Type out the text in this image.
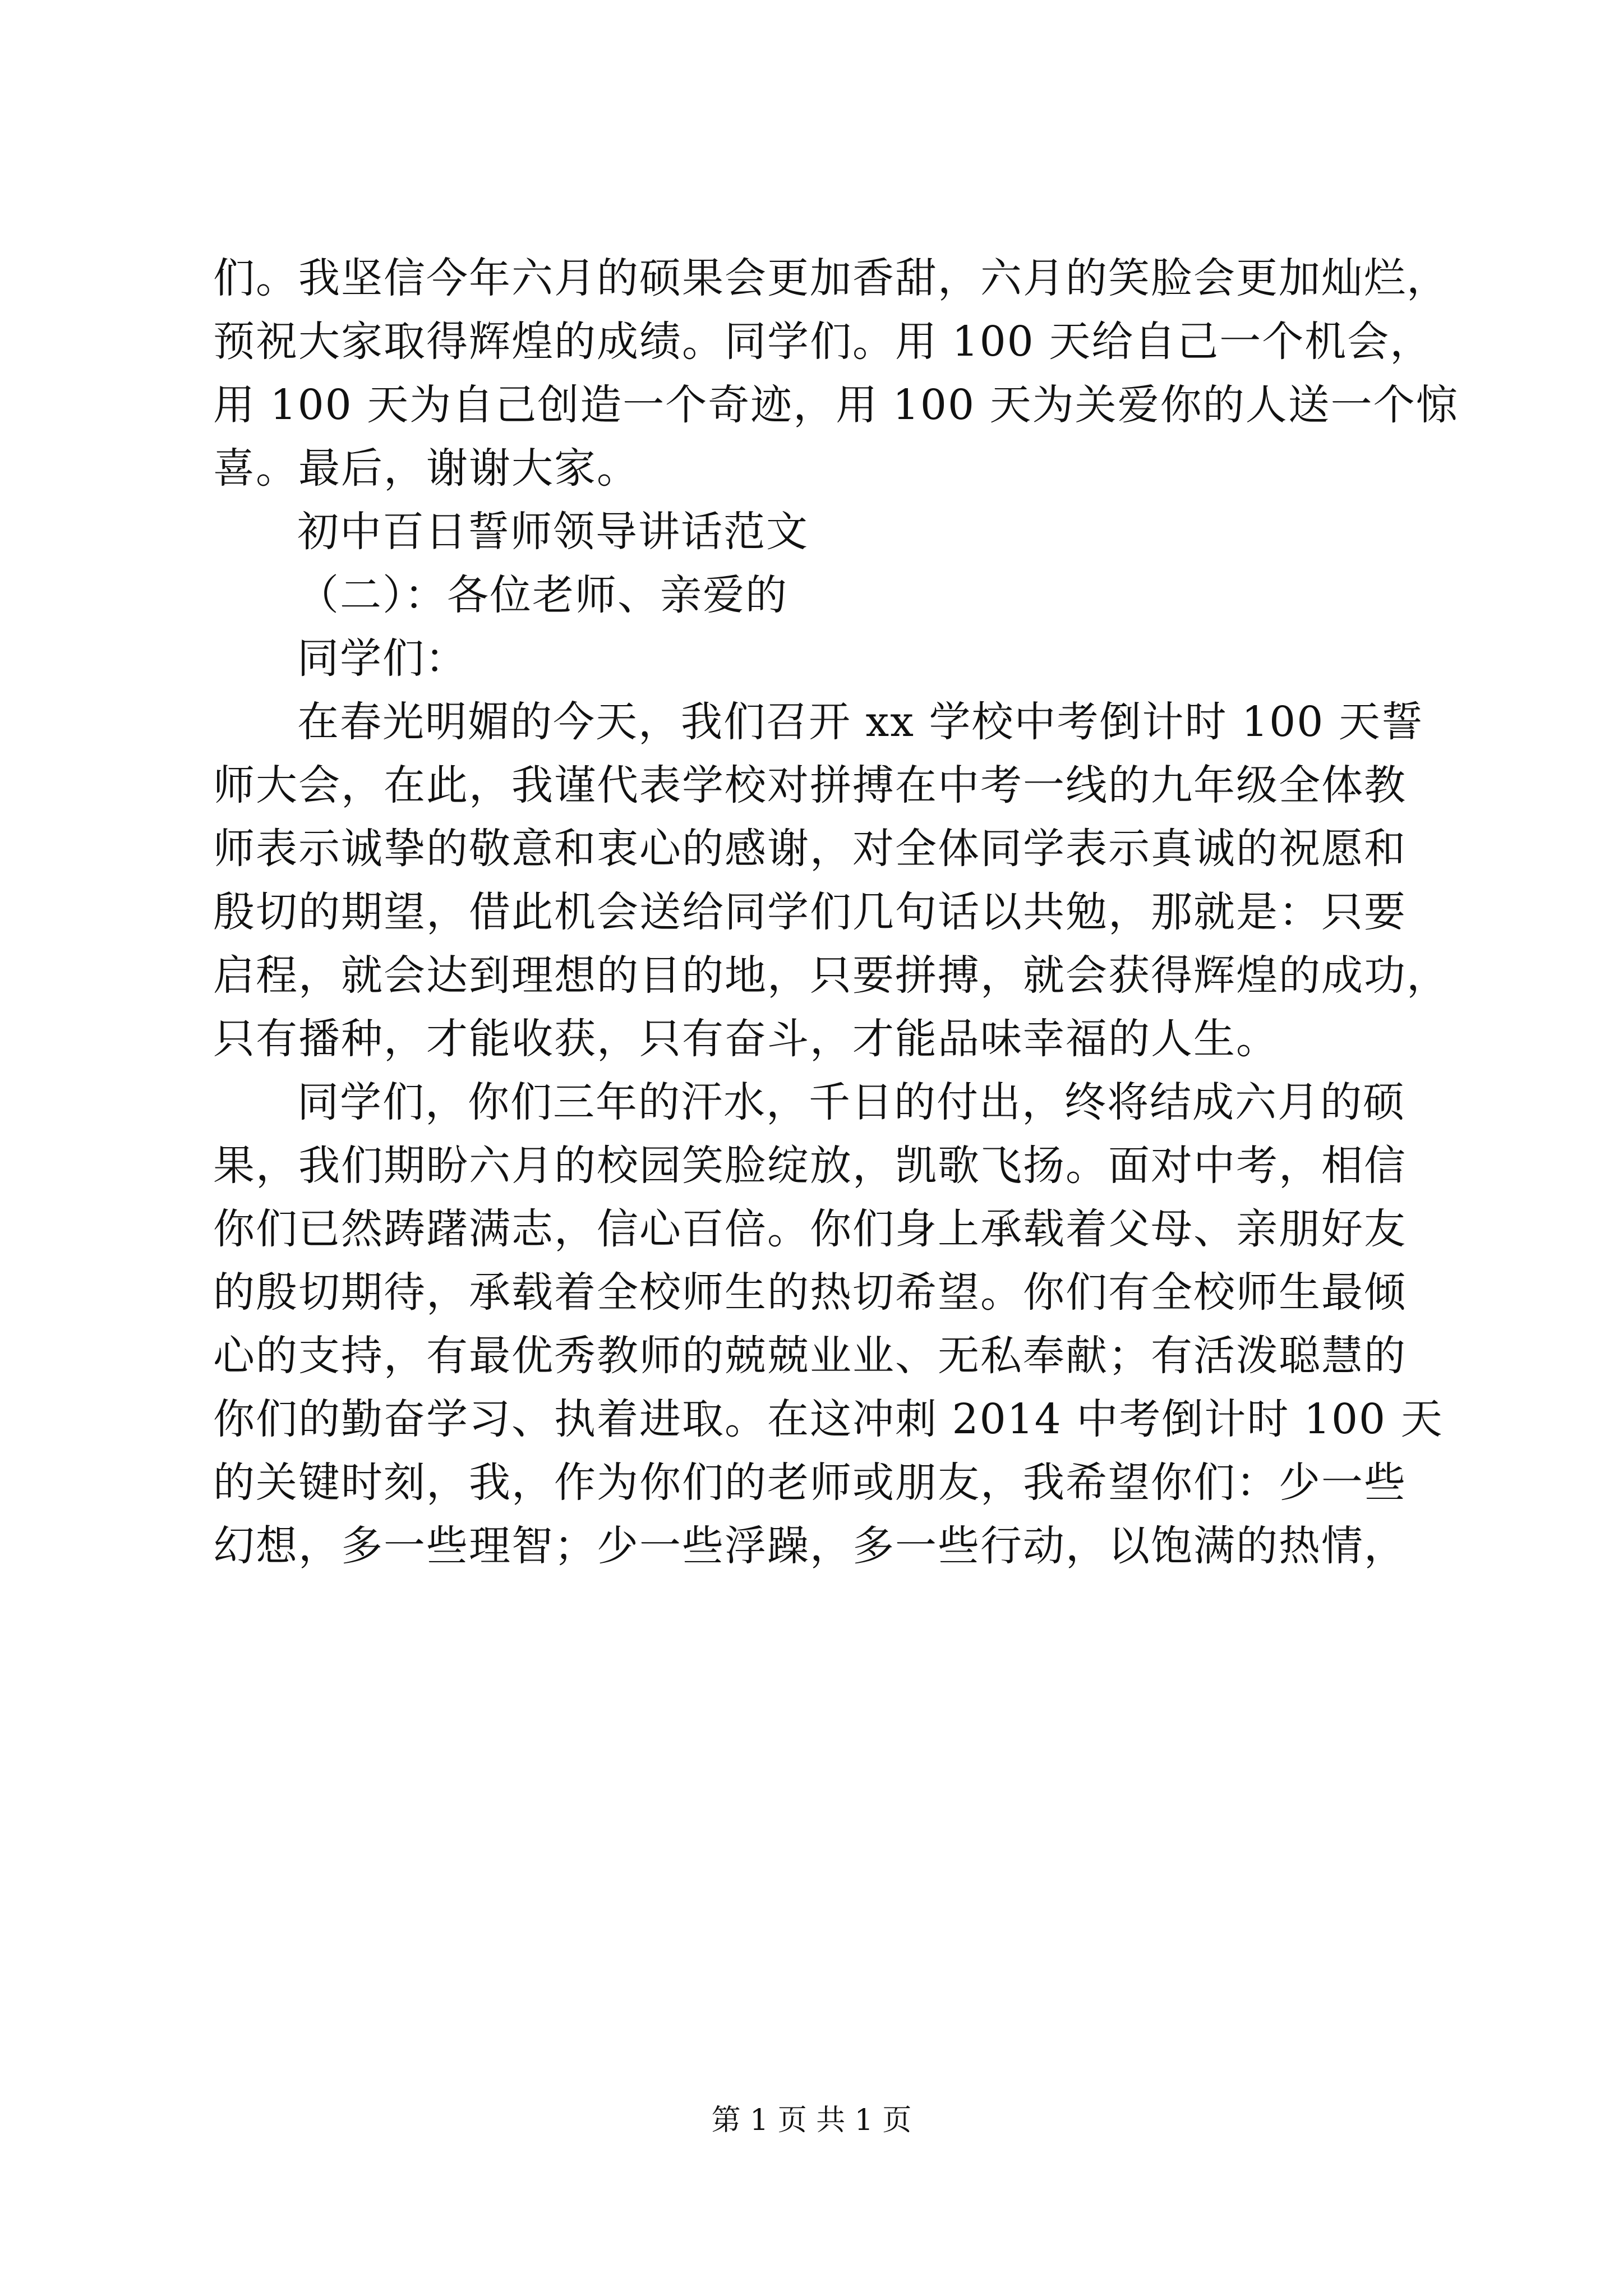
们。我坚信今年六月的硕果会更加香甜，六月的笑脸会更加灿烂，
预祝大家取得辉煌的成绩。同学们。用 100 天给自己一个机会，
用 100 天为自己创造一个奇迹，用 100 天为关爱你的人送一个惊
喜。最后，谢谢大家。
初中百日誓师领导讲话范文
（二）：各位老师、亲爱的
同学们：
在春光明媚的今天，我们召开 xx 学校中考倒计时 100 天誓
师大会，在此，我谨代表学校对拼搏在中考一线的九年级全体教
师表示诚挚的敬意和衷心的感谢，对全体同学表示真诚的祝愿和
殷切的期望，借此机会送给同学们几句话以共勉，那就是：只要
启程，就会达到理想的目的地，只要拼搏，就会获得辉煌的成功，
只有播种，才能收获，只有奋斗，才能品味幸福的人生。
同学们，你们三年的汗水，千日的付出，终将结成六月的硕
果，我们期盼六月的校园笑脸绽放，凯歌飞扬。面对中考，相信
你们已然踌躇满志，信心百倍。你们身上承载着父母、亲朋好友
的殷切期待，承载着全校师生的热切希望。你们有全校师生最倾
心的支持，有最优秀教师的兢兢业业、无私奉献；有活泼聪慧的
你们的勤奋学习、执着进取。在这冲刺 2014 中考倒计时 100 天
的关键时刻，我，作为你们的老师或朋友，我希望你们：少一些
幻想，多一些理智；少一些浮躁，多一些行动，以饱满的热情，
第 1 页 共 1 页
